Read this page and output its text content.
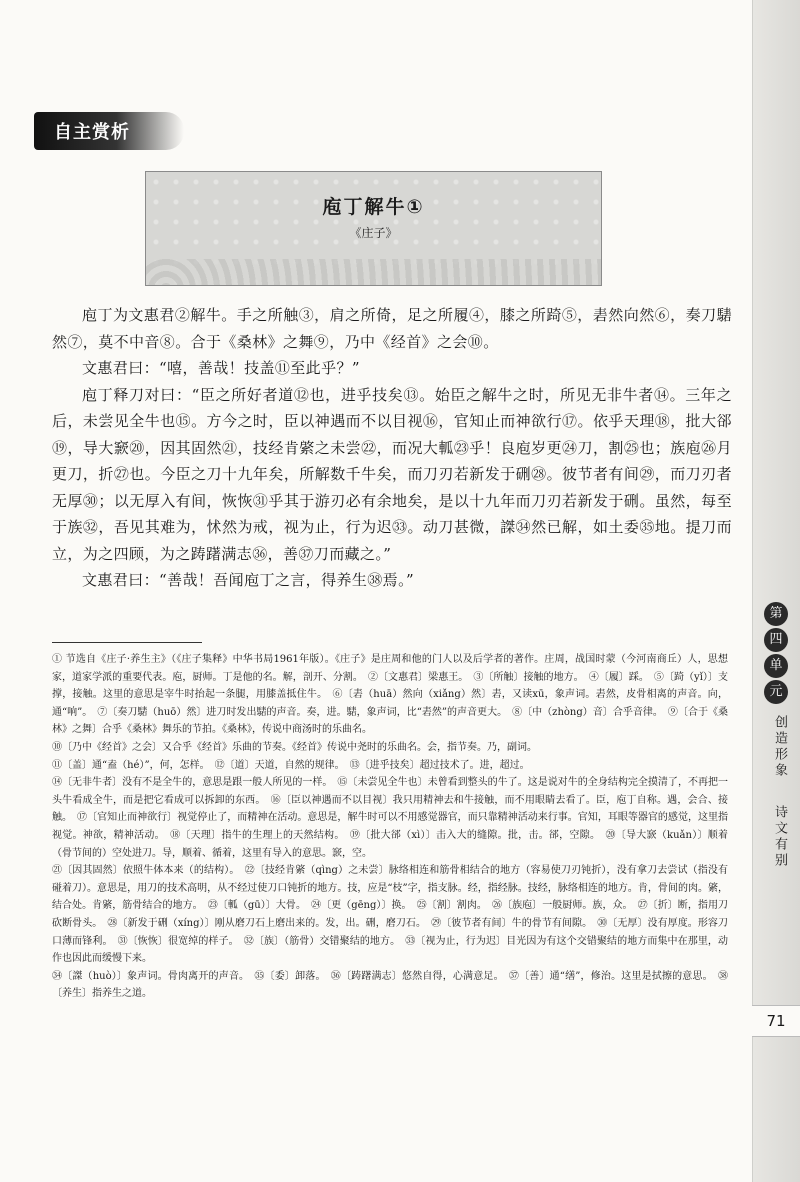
自主赏析
庖丁解牛①
《庄子》

庖丁为文惠君②解牛。手之所触③，肩之所倚，足之所履④，膝之所踦⑤，砉然向然⑥，奏刀騞然⑦，莫不中音⑧。合于《桑林》之舞⑨，乃中《经首》之会⑩。

文惠君曰：“嘻，善哉！技盖⑪至此乎？”

庖丁释刀对曰：“臣之所好者道⑫也，进乎技矣⑬。始臣之解牛之时，所见无非牛者⑭。三年之后，未尝见全牛也⑮。方今之时，臣以神遇而不以目视⑯，官知止而神欲行⑰。依乎天理⑱，批大郤⑲，导大窾⑳，因其固然㉑，技经肯綮之未尝㉒，而况大軱㉓乎！良庖岁更㉔刀，割㉕也；族庖㉖月更刀，折㉗也。今臣之刀十九年矣，所解数千牛矣，而刀刃若新发于硎㉘。彼节者有间㉙，而刀刃者无厚㉚；以无厚入有间，恢恢㉛乎其于游刃必有余地矣，是以十九年而刀刃若新发于硎。虽然，每至于族㉜，吾见其难为，怵然为戒，视为止，行为迟㉝。动刀甚微，謋㉞然已解，如土委㉟地。提刀而立，为之四顾，为之踌躇满志㊱，善㊲刀而藏之。”

文惠君曰：“善哉！吾闻庖丁之言，得养生㊳焉。”

① 节选自《庄子·养生主》（《庄子集释》中华书局1961年版）。《庄子》是庄周和他的门人以及后学者的著作。庄周，战国时蒙（今河南商丘）人，思想家，道家学派的重要代表。庖，厨师。丁是他的名。解，剖开、分割。　②〔文惠君〕梁惠王。　③〔所触〕接触的地方。　④〔履〕踩。　⑤〔踦（yǐ）〕支撑，接触。这里的意思是宰牛时抬起一条腿，用膝盖抵住牛。　⑥〔砉（huā）然向（xiǎng）然〕砉，又读xū，象声词。砉然，皮骨相离的声音。向，通“响”。　⑦〔奏刀騞（huō）然〕进刀时发出騞的声音。奏，进。騞，象声词，比“砉然”的声音更大。　⑧〔中（zhòng）音〕合乎音律。　⑨〔合于《桑林》之舞〕合乎《桑林》舞乐的节拍。《桑林》，传说中商汤时的乐曲名。

⑩〔乃中《经首》之会〕又合乎《经首》乐曲的节奏。《经首》传说中尧时的乐曲名。会，指节奏。乃，副词。

⑪〔盖〕通“盍（hé）”，何，怎样。　⑫〔道〕天道，自然的规律。　⑬〔进乎技矣〕超过技术了。进，超过。

⑭〔无非牛者〕没有不是全牛的，意思是跟一般人所见的一样。　⑮〔未尝见全牛也〕未曾看到整头的牛了。这是说对牛的全身结构完全摸清了，不再把一头牛看成全牛，而是把它看成可以拆卸的东西。　⑯〔臣以神遇而不以目视〕我只用精神去和牛接触，而不用眼睛去看了。臣，庖丁自称。遇，会合、接触。　⑰〔官知止而神欲行〕视觉停止了，而精神在活动。意思是，解牛时可以不用感觉器官，而只靠精神活动来行事。官知，耳眼等器官的感觉，这里指视觉。神欲，精神活动。　⑱〔天理〕指牛的生理上的天然结构。　⑲〔批大郤（xì）〕击入大的缝隙。批，击。郤，空隙。　⑳〔导大窾（kuǎn）〕顺着（骨节间的）空处进刀。导，顺着、循着，这里有导入的意思。窾，空。

㉑〔因其固然〕依照牛体本来（的结构）。　㉒〔技经肯綮（qìng）之未尝〕脉络相连和筋骨相结合的地方（容易使刀刃钝折），没有拿刀去尝试（指没有碰着刀）。意思是，用刀的技术高明，从不经过使刀口钝折的地方。技，应是“枝”字，指支脉。经，指经脉。技经，脉络相连的地方。肯，骨间的肉。綮，结合处。肯綮，筋骨结合的地方。　㉓〔軱（gū）〕大骨。　㉔〔更（gēng）〕换。　㉕〔割〕割肉。　㉖〔族庖〕一般厨师。族，众。　㉗〔折〕断，指用刀砍断骨头。　㉘〔新发于硎（xíng）〕刚从磨刀石上磨出来的。发，出。硎，磨刀石。　㉙〔彼节者有间〕牛的骨节有间隙。　㉚〔无厚〕没有厚度。形容刀口薄而锋利。　㉛〔恢恢〕很宽绰的样子。　㉜〔族〕（筋骨）交错聚结的地方。　㉝〔视为止，行为迟〕目光因为有这个交错聚结的地方而集中在那里，动作也因此而缓慢下来。

㉞〔謋（huò）〕象声词。骨肉离开的声音。　㉟〔委〕卸落。　㊱〔踌躇满志〕悠然自得，心满意足。　㊲〔善〕通“缮”，修治。这里是拭擦的意思。　㊳〔养生〕指养生之道。

第
四
单
元
创造形象
诗文有别
71
